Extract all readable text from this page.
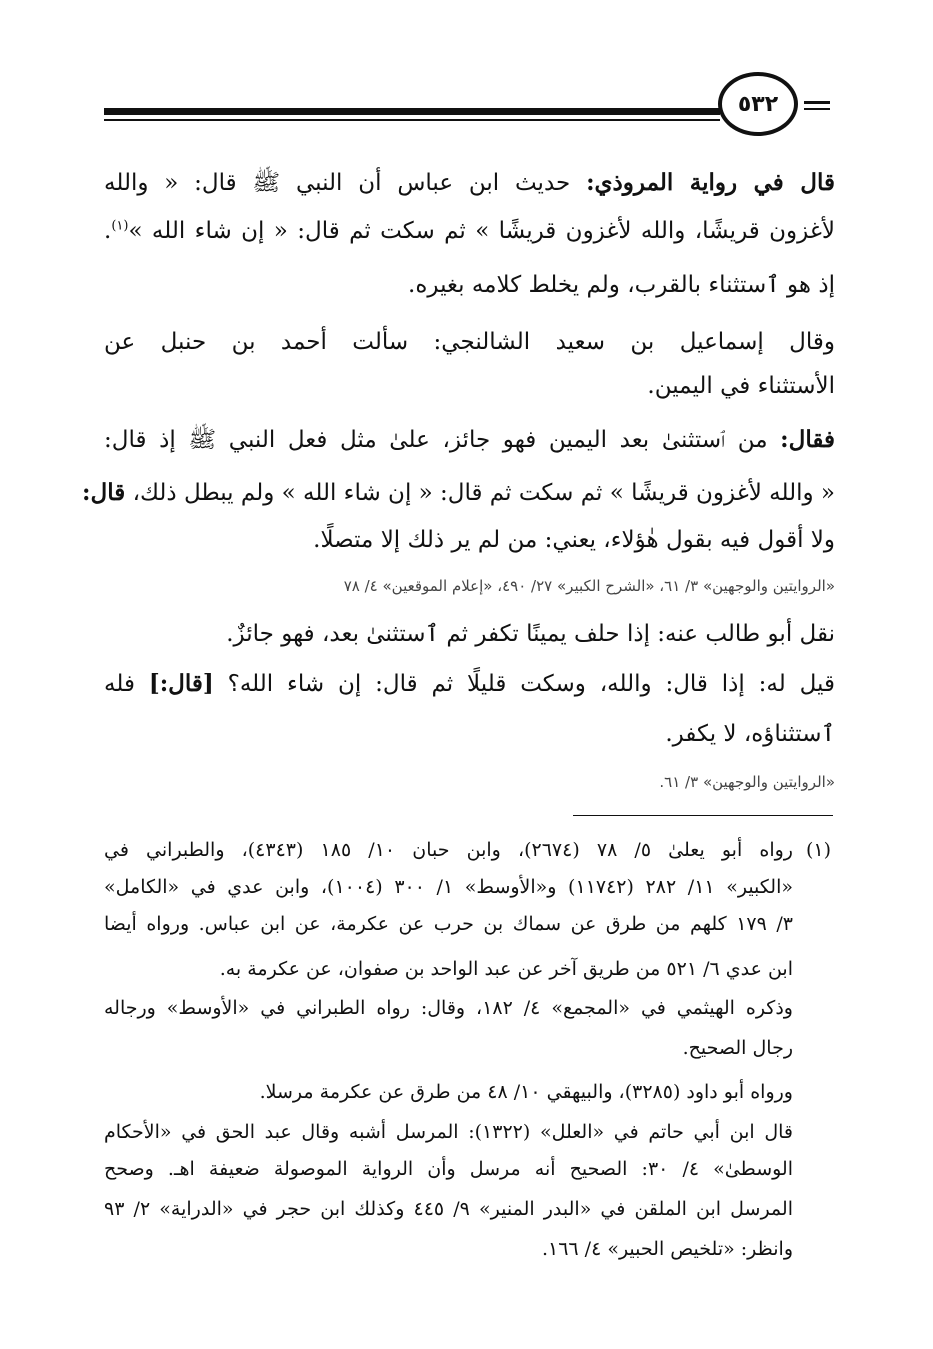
٥٣٢
قال في رواية المروذي: حديث ابن عباس أن النبي ﷺ قال: « والله
لأغزون قريشًا، والله لأغزون قريشًا » ثم سكت ثم قال: « إن شاء الله »$^{(١)}$.
إذ هو ٱستثناء بالقرب، ولم يخلط كلامه بغيره.
وقال إسماعيل بن سعيد الشالنجي: سألت أحمد بن حنبل عن
الأستثناء في اليمين.
فقال: من ٱستثنىٰ بعد اليمين فهو جائز، علىٰ مثل فعل النبي ﷺ إذ قال:
« والله لأغزون قريشًا » ثم سكت ثم قال: « إن شاء الله » ولم يبطل ذلك، قال:
ولا أقول فيه بقول هٰؤلاء، يعني: من لم ير ذلك إلا متصلًا.
«الروايتين والوجهين» ٣/ ٦١، «الشرح الكبير» ٢٧/ ٤٩٠، «إعلام الموقعين» ٤/ ٧٨
نقل أبو طالب عنه: إذا حلف يمينًا تكفر ثم ٱستثنىٰ بعد، فهو جائزٌ.
قيل له: إذا قال: والله، وسكت قليلًا ثم قال: إن شاء الله؟ [قال:] فله
ٱستثناؤه، لا يكفر.
«الروايتين والوجهين» ٣/ ٦١.
(١)
رواه أبو يعلىٰ ٥/ ٧٨ (٢٦٧٤)، وابن حبان ١٠/ ١٨٥ (٤٣٤٣)، والطبراني في
«الكبير» ١١/ ٢٨٢ (١١٧٤٢) و«الأوسط» ١/ ٣٠٠ (١٠٠٤)، وابن عدي في «الكامل»
٣/ ١٧٩ كلهم من طرق عن سماك بن حرب عن عكرمة، عن ابن عباس. ورواه أيضا
ابن عدي ٦/ ٥٢١ من طريق آخر عن عبد الواحد بن صفوان، عن عكرمة به.
وذكره الهيثمي في «المجمع» ٤/ ١٨٢، وقال: رواه الطبراني في «الأوسط» ورجاله
رجال الصحيح.
ورواه أبو داود (٣٢٨٥)، والبيهقي ١٠/ ٤٨ من طرق عن عكرمة مرسلا.
قال ابن أبي حاتم في «العلل» (١٣٢٢): المرسل أشبه وقال عبد الحق في «الأحكام
الوسطىٰ» ٤/ ٣٠: الصحيح أنه مرسل وأن الرواية الموصولة ضعيفة اهـ. وصحح
المرسل ابن الملقن في «البدر المنير» ٩/ ٤٤٥ وكذلك ابن حجر في «الدراية» ٢/ ٩٣
وانظر: «تلخيص الحبير» ٤/ ١٦٦.
